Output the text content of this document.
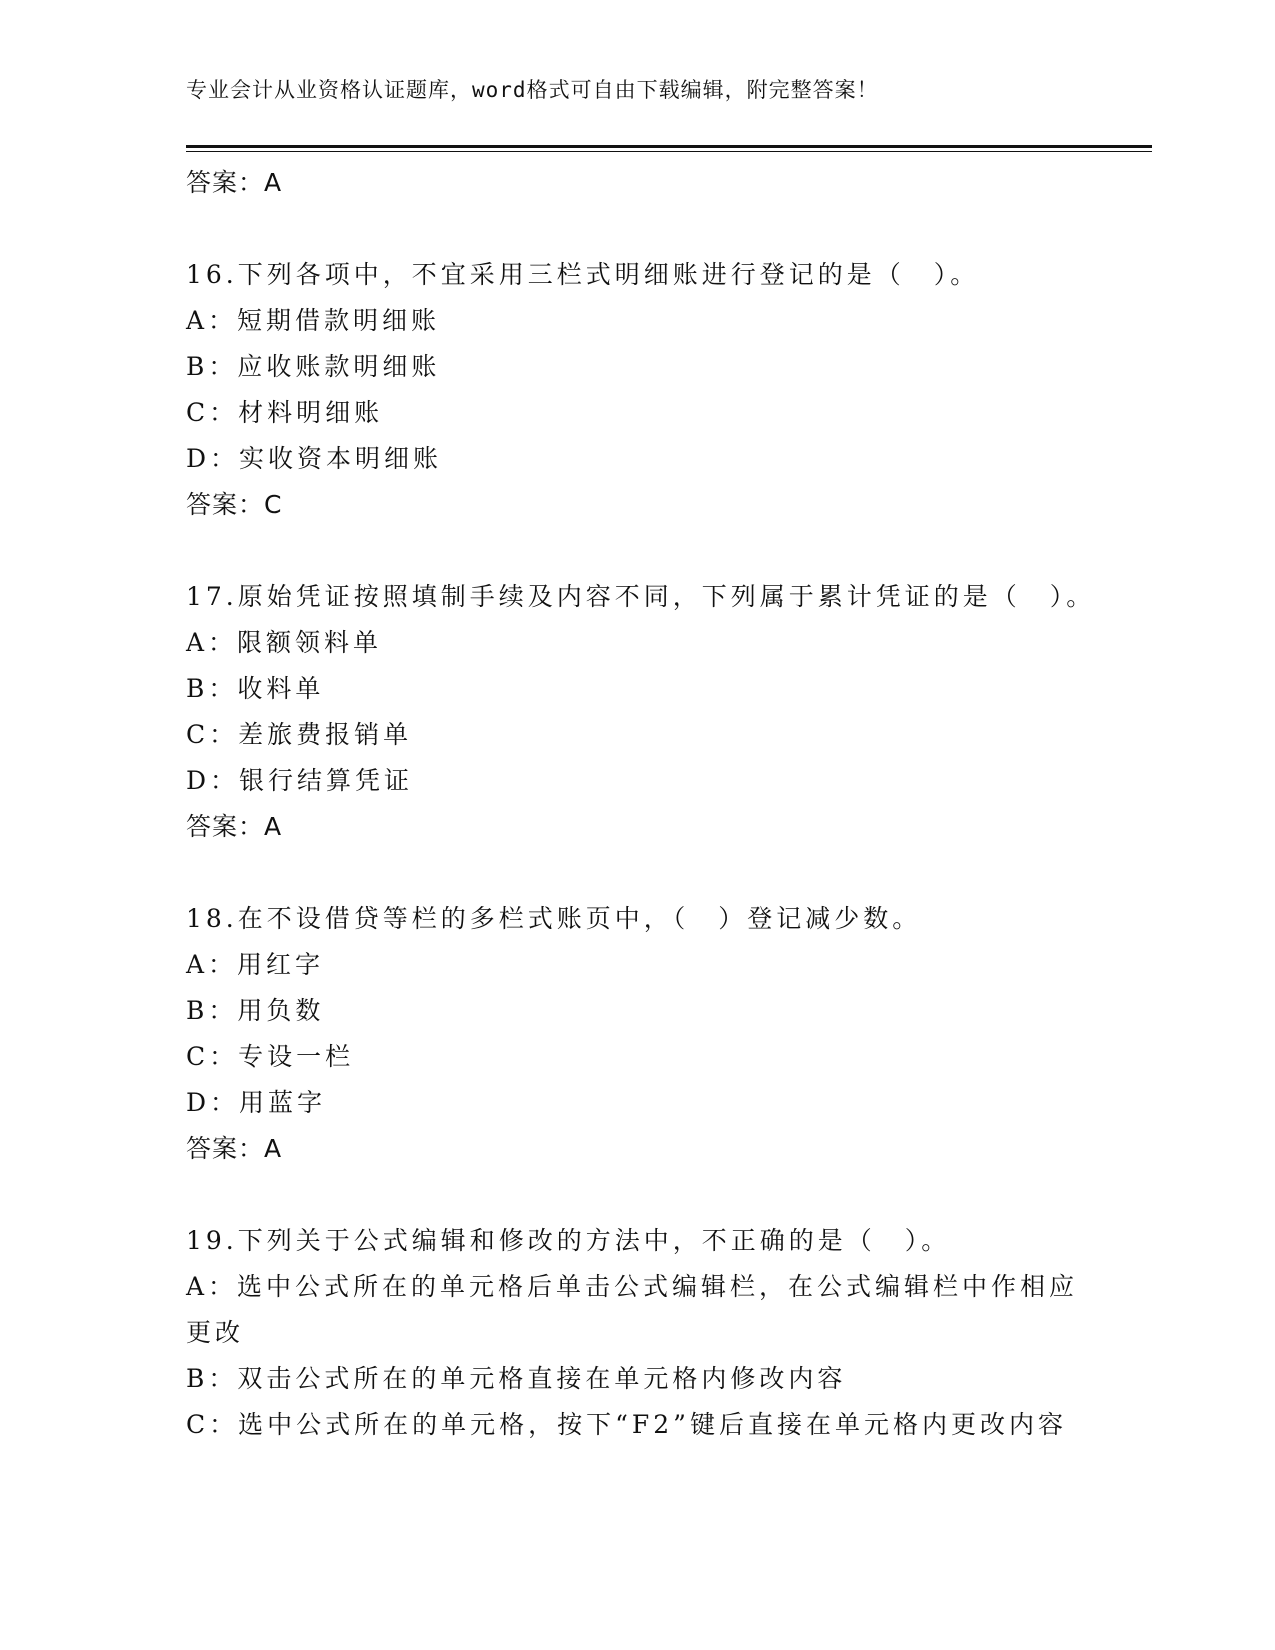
专业会计从业资格认证题库，word格式可自由下载编辑，附完整答案！
答案：A
16.下列各项中，不宜采用三栏式明细账进行登记的是（　）。
A：短期借款明细账
B：应收账款明细账
C：材料明细账
D：实收资本明细账
答案：C
17.原始凭证按照填制手续及内容不同，下列属于累计凭证的是（　）。
A：限额领料单
B：收料单
C：差旅费报销单
D：银行结算凭证
答案：A
18.在不设借贷等栏的多栏式账页中，（　）登记减少数。
A：用红字
B：用负数
C：专设一栏
D：用蓝字
答案：A
19.下列关于公式编辑和修改的方法中，不正确的是（　）。
A：选中公式所在的单元格后单击公式编辑栏，在公式编辑栏中作相应更改
B：双击公式所在的单元格直接在单元格内修改内容
C：选中公式所在的单元格，按下“F2”键后直接在单元格内更改内容
